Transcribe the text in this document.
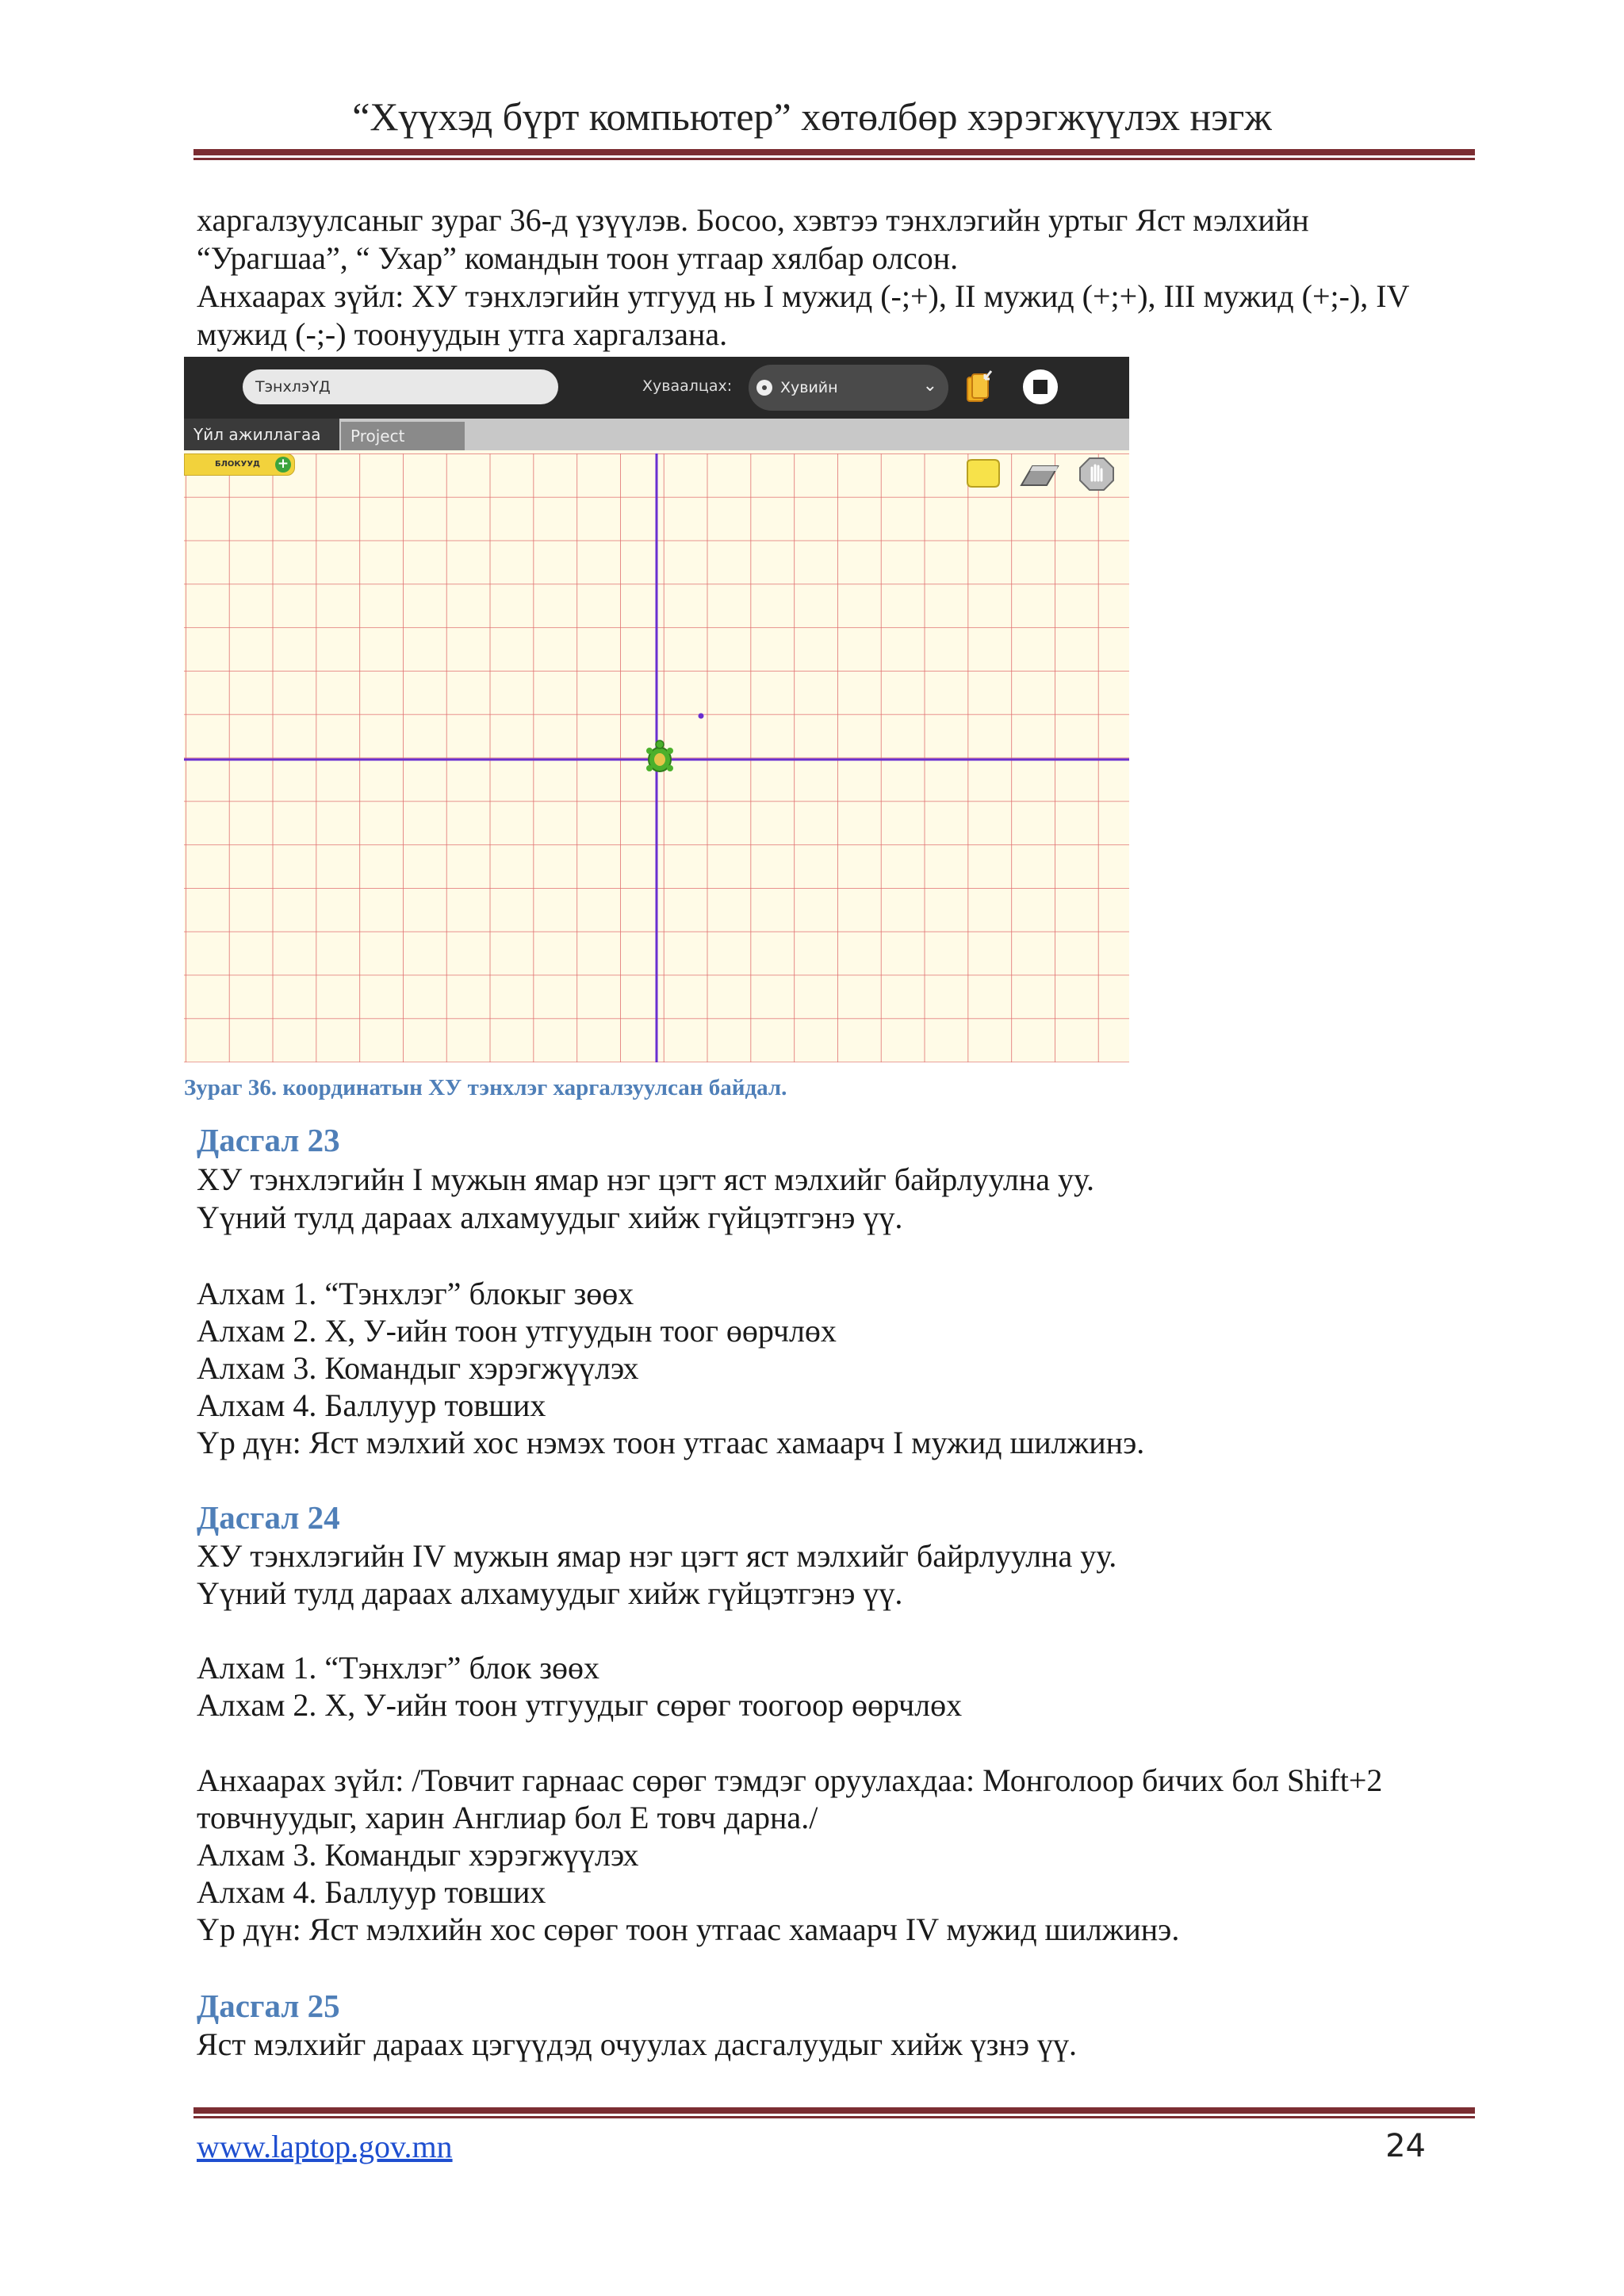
“Хүүхэд бүрт компьютер” хөтөлбөр хэрэгжүүлэх нэгж
харгалзуулсаныг зураг 36-д үзүүлэв. Босоо, хэвтээ тэнхлэгийн уртыг Яст мэлхийн
“Урагшаа”, “ Ухар” командын тоон утгаар хялбар олсон.
Анхаарах зүйл: ХУ тэнхлэгийн утгууд нь I мужид (-;+), II мужид (+;+), III мужид (+;-), IV
мужид (-;-) тоонуудын утга харгалзана.
ТэнхлэҮД	Хуваалцах:	Хувийн	⌄
Үйл ажиллагаа	Project
БЛОКУУД +
Зураг 36. координатын ХУ тэнхлэг харгалзуулсан байдал.
Дасгал 23
ХУ тэнхлэгийн I мужын ямар нэг цэгт яст мэлхийг байрлуулна уу.
Үүний тулд дараах алхамуудыг хийж гүйцэтгэнэ үү.
Алхам 1. “Тэнхлэг” блокыг зөөх
Алхам 2. X, У-ийн тоон утгуудын тоог өөрчлөх
Алхам 3. Командыг хэрэгжүүлэх
Алхам 4. Баллуур товших
Үр дүн: Яст мэлхий хос нэмэх тоон утгаас хамаарч I мужид шилжинэ.
Дасгал 24
ХУ тэнхлэгийн IV мужын ямар нэг цэгт яст мэлхийг байрлуулна уу.
Үүний тулд дараах алхамуудыг хийж гүйцэтгэнэ үү.
Алхам 1. “Тэнхлэг” блок зөөх
Алхам 2. X, У-ийн тоон утгуудыг сөрөг тоогоор өөрчлөх
Анхаарах зүйл: /Товчит гарнаас сөрөг тэмдэг оруулахдаа: Монголоор бичих бол Shift+2
товчнуудыг, харин Англиар бол E товч дарна./
Алхам 3. Командыг хэрэгжүүлэх
Алхам 4. Баллуур товших
Үр дүн: Яст мэлхийн хос сөрөг тоон утгаас хамаарч IV мужид шилжинэ.
Дасгал 25
Яст мэлхийг дараах цэгүүдэд очуулах дасгалуудыг хийж үзнэ үү.
www.laptop.gov.mn	24
